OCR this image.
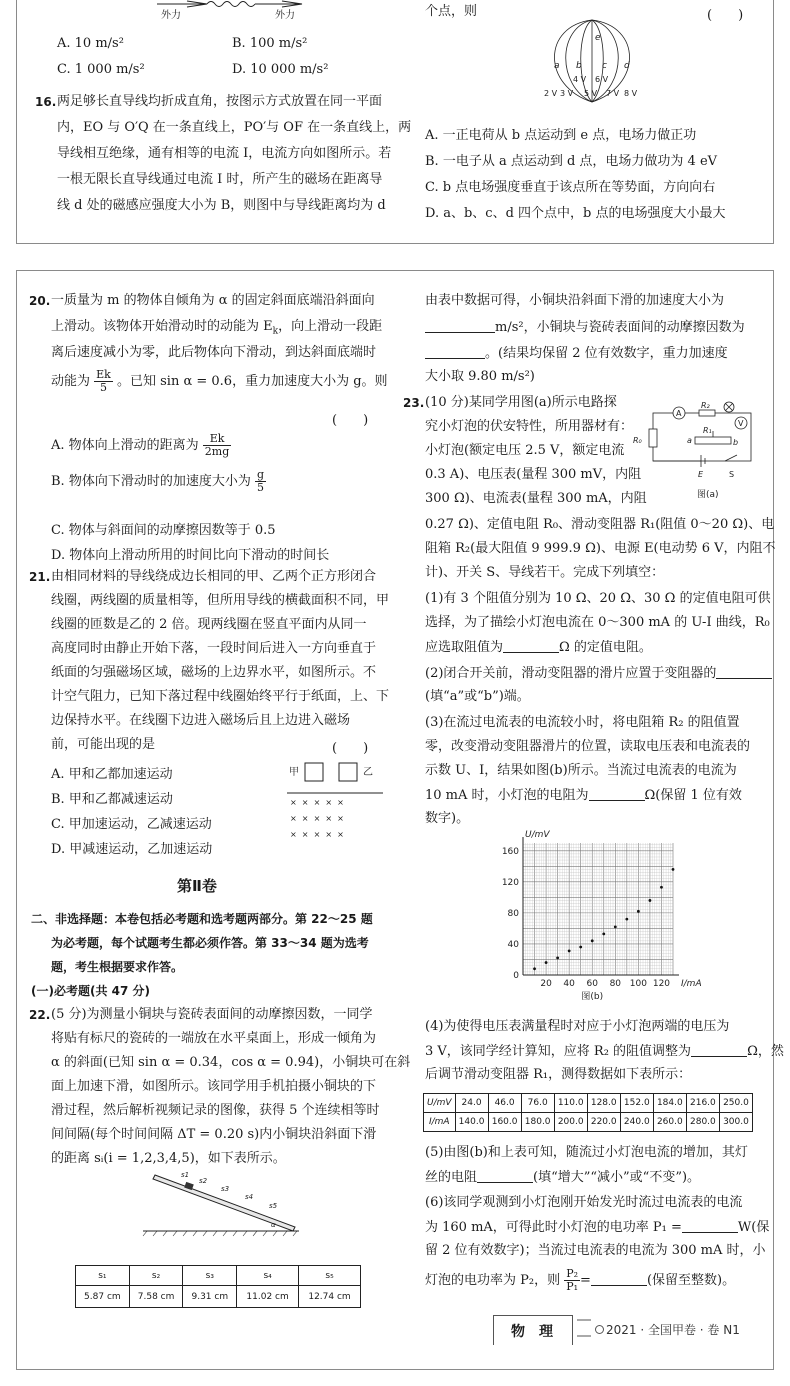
外力	外力
A. 10 m/s²	B. 100 m/s²
C. 1 000 m/s²	D. 10 000 m/s²
16. 两足够长直导线均折成直角，按图示方式放置在同一平面
内，EO 与 O′Q 在一条直线上，PO′与 OF 在一条直线上，两
导线相互绝缘，通有相等的电流 I，电流方向如图所示。若
一根无限长直导线通过电流 I 时，所产生的磁场在距离导
线 d 处的磁感应强度大小为 B，则图中与导线距离均为 d
个点，则	(　　)
e
a b c d
4 V 6 V
2 V 3 V 5 V 7 V 8 V
A. 一正电荷从 b 点运动到 e 点，电场力做正功
B. 一电子从 a 点运动到 d 点，电场力做功为 4 eV
C. b 点电场强度垂直于该点所在等势面，方向向右
D. a、b、c、d 四个点中，b 点的电场强度大小最大
20. 一质量为 m 的物体自倾角为 α 的固定斜面底端沿斜面向
上滑动。该物体开始滑动时的动能为 $E_k$，向上滑动一段距
离后速度减小为零，此后物体向下滑动，到达斜面底端时
动能为 $\frac{Ek}{5}$ 。已知 sin α = 0.6，重力加速度大小为 g。则
(　　)
A. 物体向上滑动的距离为 $\frac{Ek}{2mg}$
B. 物体向下滑动时的加速度大小为 $\frac{g}{5}$
C. 物体与斜面间的动摩擦因数等于 0.5
D. 物体向上滑动所用的时间比向下滑动的时间长
21. 由相同材料的导线绕成边长相同的甲、乙两个正方形闭合
线圈，两线圈的质量相等，但所用导线的横截面积不同，甲
线圈的匝数是乙的 2 倍。现两线圈在竖直平面内从同一
高度同时由静止开始下落，一段时间后进入一方向垂直于
纸面的匀强磁场区域，磁场的上边界水平，如图所示。不
计空气阻力，已知下落过程中线圈始终平行于纸面，上、下
边保持水平。在线圈下边进入磁场后且上边进入磁场
前，可能出现的是	(　　)
A. 甲和乙都加速运动
B. 甲和乙都减速运动
C. 甲加速运动，乙减速运动
D. 甲减速运动，乙加速运动
甲	乙
×  ×  ×  ×  ×
×  ×  ×  ×  ×
×  ×  ×  ×  ×
第Ⅱ卷
二、非选择题：本卷包括必考题和选考题两部分。第 22～25 题
为必考题，每个试题考生都必须作答。第 33～34 题为选考
题，考生根据要求作答。
(一)必考题(共 47 分)
22. (5 分)为测量小铜块与瓷砖表面间的动摩擦因数，一同学
将贴有标尺的瓷砖的一端放在水平桌面上，形成一倾角为
α 的斜面(已知 sin α = 0.34，cos α = 0.94)，小铜块可在斜
面上加速下滑，如图所示。该同学用手机拍摄小铜块的下
滑过程，然后解析视频记录的图像，获得 5 个连续相等时
间间隔(每个时间间隔 ΔT = 0.20 s)内小铜块沿斜面下滑
的距离 sᵢ(i = 1,2,3,4,5)，如下表所示。
s1
s2
s3
s4
s5
α
s₁	s₂	s₃	s₄	s₅
5.87 cm	7.58 cm	9.31 cm	11.02 cm	12.74 cm
由表中数据可得，小铜块沿斜面下滑的加速度大小为
m/s²，小铜块与瓷砖表面间的动摩擦因数为
。(结果均保留 2 位有效数字，重力加速度
大小取 9.80 m/s²)
23. (10 分)某同学用图(a)所示电路探
究小灯泡的伏安特性，所用器材有：
小灯泡(额定电压 2.5 V，额定电流
0.3 A)、电压表(量程 300 mV，内阻
300 Ω)、电流表(量程 300 mA，内阻
0.27 Ω)、定值电阻 R₀、滑动变阻器 R₁(阻值 0～20 Ω)、电
阻箱 R₂(最大阻值 9 999.9 Ω)、电源 E(电动势 6 V，内阻不
计)、开关 S、导线若干。完成下列填空：
A
R₂
V
R₀	a
R₁
b
E	S
图(a)
(1)有 3 个阻值分别为 10 Ω、20 Ω、30 Ω 的定值电阻可供
选择，为了描绘小灯泡电流在 0～300 mA 的 U-I 曲线，R₀
应选取阻值为	Ω 的定值电阻。
(2)闭合开关前，滑动变阻器的滑片应置于变阻器的
(填“a”或“b”)端。
(3)在流过电流表的电流较小时，将电阻箱 R₂ 的阻值置
零，改变滑动变阻器滑片的位置，读取电压表和电流表的
示数 U、I，结果如图(b)所示。当流过电流表的电流为
10 mA 时，小灯泡的电阻为	Ω(保留 1 位有效
数字)。
20 40 60 80 100 120
0
40
80
120
160
U/mV
I/mA
图(b)
(4)为使得电压表满量程时对应于小灯泡两端的电压为
3 V，该同学经计算知，应将 R₂ 的阻值调整为	Ω，然
后调节滑动变阻器 R₁，测得数据如下表所示：
U/mV	24.0	46.0	76.0	110.0	128.0	152.0	184.0	216.0	250.0
I/mA	140.0	160.0	180.0	200.0	220.0	240.0	260.0	280.0	300.0
(5)由图(b)和上表可知，随流过小灯泡电流的增加，其灯
丝的电阻	(填“增大”“减小”或“不变”)。
(6)该同学观测到小灯泡刚开始发光时流过电流表的电流
为 160 mA，可得此时小灯泡的电功率 P₁ =	W(保
留 2 位有效数字)；当流过电流表的电流为 300 mA 时，小
灯泡的电功率为 P₂，则 $\frac{\text{P₂}}{\text{P₁}}$ =	(保留至整数)。
物　理	2021 · 全国甲卷 · 卷 N1
